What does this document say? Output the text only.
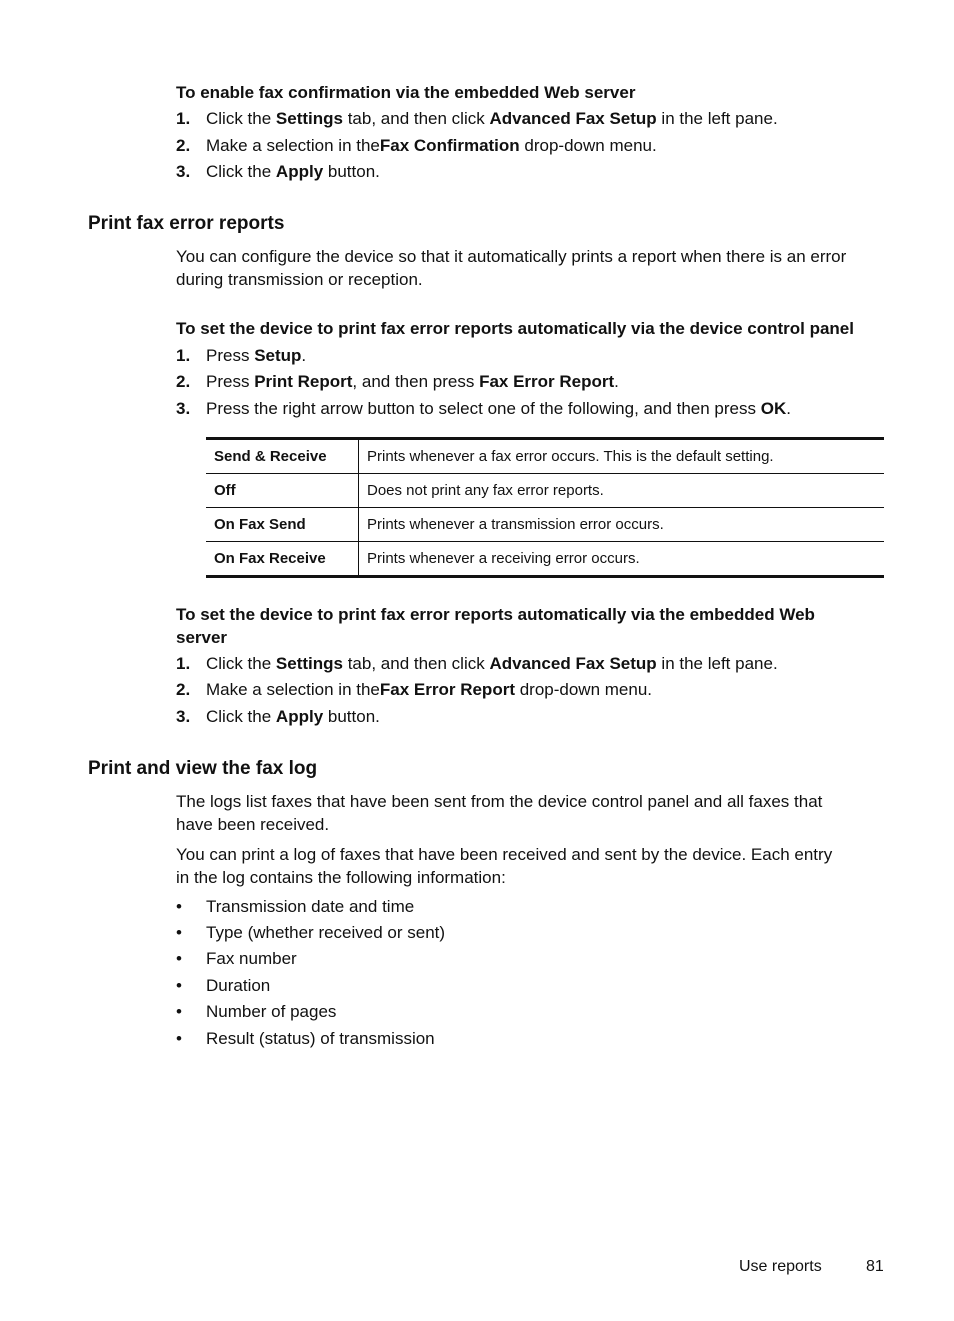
To enable fax confirmation via the embedded Web server
1. Click the Settings tab, and then click Advanced Fax Setup in the left pane.
2. Make a selection in theFax Confirmation drop-down menu.
3. Click the Apply button.
Print fax error reports
You can configure the device so that it automatically prints a report when there is an error
during transmission or reception.
To set the device to print fax error reports automatically via the device control panel
1. Press Setup.
2. Press Print Report, and then press Fax Error Report.
3. Press the right arrow button to select one of the following, and then press OK.
Send & Receive	Prints whenever a fax error occurs. This is the default setting.
Off	Does not print any fax error reports.
On Fax Send	Prints whenever a transmission error occurs.
On Fax Receive	Prints whenever a receiving error occurs.
To set the device to print fax error reports automatically via the embedded Web
server
1. Click the Settings tab, and then click Advanced Fax Setup in the left pane.
2. Make a selection in theFax Error Report drop-down menu.
3. Click the Apply button.
Print and view the fax log
The logs list faxes that have been sent from the device control panel and all faxes that
have been received.
You can print a log of faxes that have been received and sent by the device. Each entry
in the log contains the following information:
• Transmission date and time
• Type (whether received or sent)
• Fax number
• Duration
• Number of pages
• Result (status) of transmission
Use reports	81
